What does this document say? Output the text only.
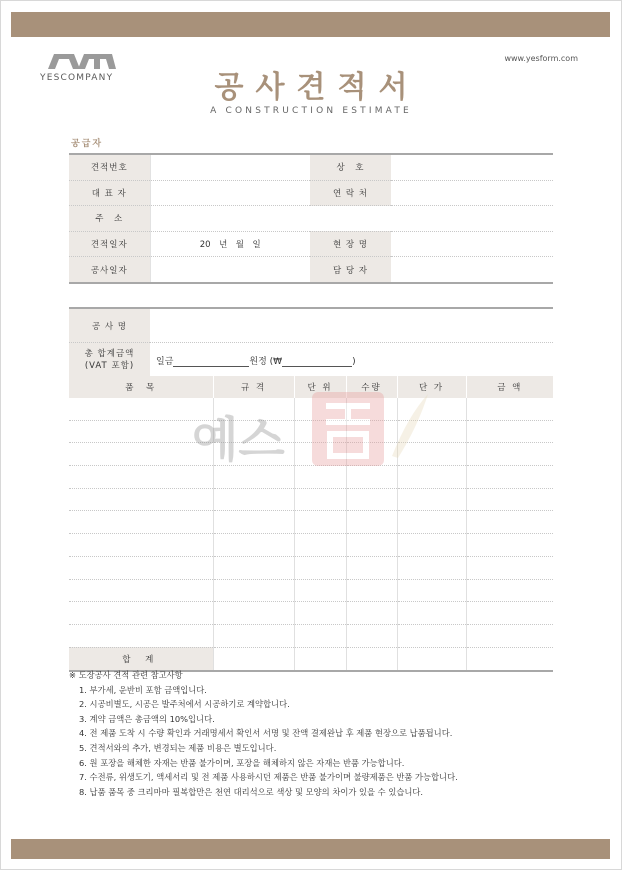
YESCOMPANY
www.yesform.com
공사견적서
A CONSTRUCTION ESTIMATE
공급자
견적번호		상　호	
대 표 자		연 락 처	
주　소			
견적일자	20　년　월　일	현 장 명	
공사일자		담 당 자	
공 사 명	
총 합계금액
(VAT 포함)	일금 원정 (₩ )
품　목	규 격	단 위	수량	단 가	금 액

합 계					
예스
※ 도장공사 견적 관련 참고사항
1. 부가세, 운반비 포함 금액입니다.
2. 시공비별도, 시공은 발주처에서 시공하기로 계약합니다.
3. 계약 금액은 총금액의 10%입니다.
4. 전 제품 도착 시 수량 확인과 거래명세서 확인서 서명 및 잔액 결제완납 후 제품 현장으로 납품됩니다.
5. 견적서와의 추가, 변경되는 제품 비용은 별도입니다.
6. 원 포장을 해체한 자재는 반품 불가이며, 포장을 해체하지 않은 자재는 반품 가능합니다.
7. 수전류, 위생도기, 액세서리 및 전 제품 사용하시던 제품은 반품 불가이며 불량제품은 반품 가능합니다.
8. 납품 품목 중 크리마마 필복합만은 천연 대리석으로 색상 및 모양의 차이가 있을 수 있습니다.
